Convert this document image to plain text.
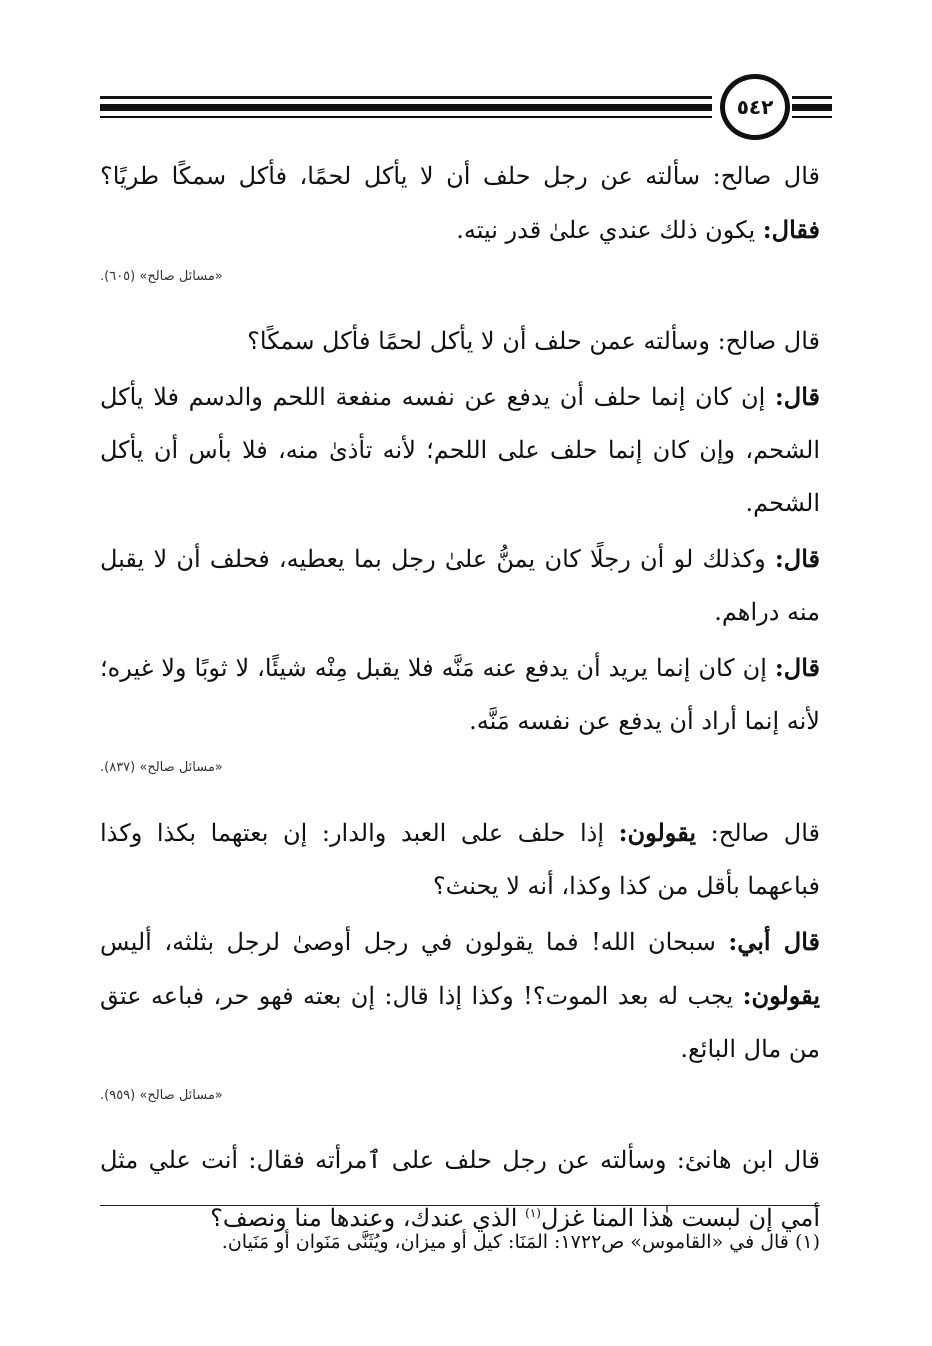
٥٤٢

قال صالح: سألته عن رجل حلف أن لا يأكل لحمًا، فأكل سمكًا طريًا؟ فقال: يكون ذلك عندي علىٰ قدر نيته.

«مسائل صالح» (٦٠٥).

قال صالح: وسألته عمن حلف أن لا يأكل لحمًا فأكل سمكًا؟

قال: إن كان إنما حلف أن يدفع عن نفسه منفعة اللحم والدسم فلا يأكل الشحم، وإن كان إنما حلف على اللحم؛ لأنه تأذىٰ منه، فلا بأس أن يأكل الشحم.

قال: وكذلك لو أن رجلًا كان يمنُّ علىٰ رجل بما يعطيه، فحلف أن لا يقبل منه دراهم.

قال: إن كان إنما يريد أن يدفع عنه مَنَّه فلا يقبل مِنْه شيئًا، لا ثوبًا ولا غيره؛ لأنه إنما أراد أن يدفع عن نفسه مَنَّه.

«مسائل صالح» (٨٣٧).

قال صالح: يقولون: إذا حلف على العبد والدار: إن بعتهما بكذا وكذا فباعهما بأقل من كذا وكذا، أنه لا يحنث؟

قال أبي: سبحان الله! فما يقولون في رجل أوصىٰ لرجل بثلثه، أليس يقولون: يجب له بعد الموت؟! وكذا إذا قال: إن بعته فهو حر، فباعه عتق من مال البائع.

«مسائل صالح» (٩٥٩).

قال ابن هانئ: وسألته عن رجل حلف على ٱمرأته فقال: أنت علي مثل أمي إن لبست هٰذا المنا غزل$^{(١)}$ الذي عندك، وعندها منا ونصف؟

(١) قال في «القاموس» ص١٧٢٢: المَنَا: كيل أو ميزان، ويُثَنَّى مَنَوان أو مَنَيان.
